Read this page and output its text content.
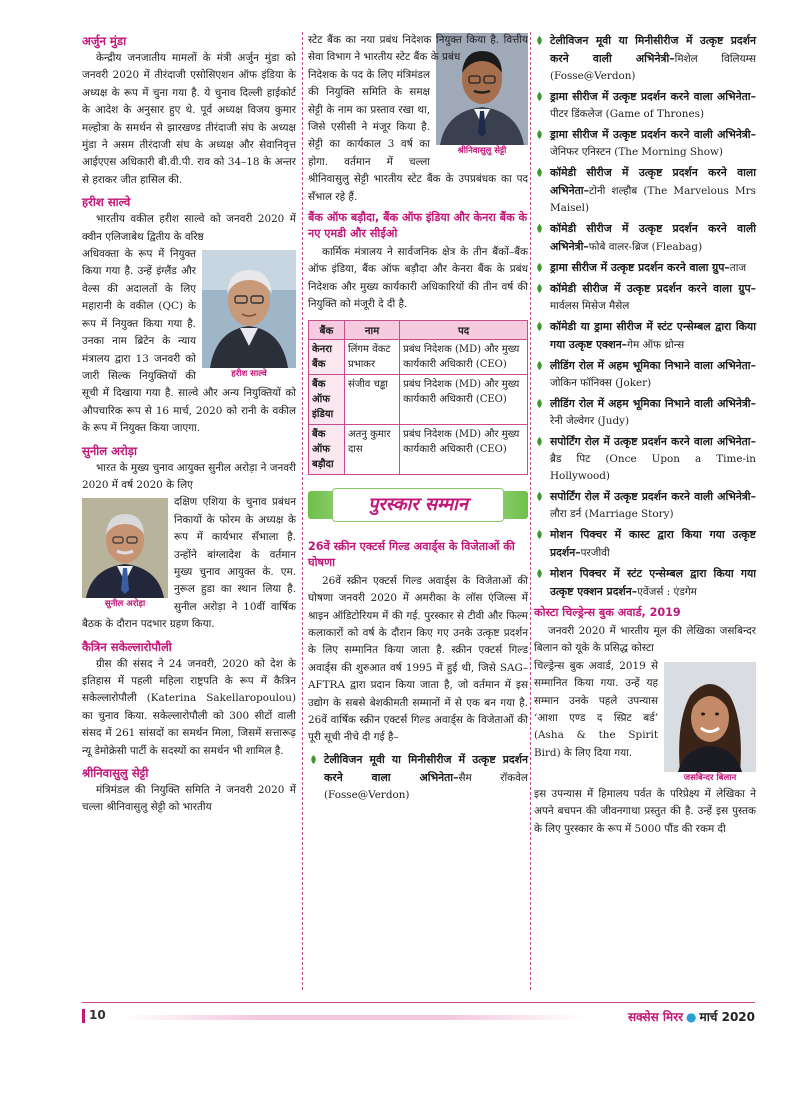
अर्जुन मुंडा

केन्द्रीय जनजातीय मामलों के मंत्री अर्जुन मुंडा को जनवरी 2020 में तीरंदाजी एसोसिएशन ऑफ इंडिया के अध्यक्ष के रूप में चुना गया है. ये चुनाव दिल्ली हाईकोर्ट के आदेश के अनुसार हुए थे. पूर्व अध्यक्ष विजय कुमार मल्होत्रा के समर्थन से झारखण्ड तीरंदाजी संघ के अध्यक्ष मुंडा ने असम तीरंदाजी संघ के अध्यक्ष और सेवानिवृत्त आईएएस अधिकारी बी.वी.पी. राव को 34–18 के अन्तर से हराकर जीत हासिल की.

हरीश साल्वे

भारतीय वकील हरीश साल्वे को जनवरी 2020 में क्वीन एलिजाबेथ द्वितीय के वरिष्ठ

हरीश साल्वे

अधिवक्ता के रूप में नियुक्त किया गया है. उन्हें इंग्लैंड और वेल्स की अदालतों के लिए महारानी के वकील (QC) के रूप में नियुक्त किया गया है. उनका नाम ब्रिटेन के न्याय मंत्रालय द्वारा 13 जनवरी को जारी सिल्क नियुक्तियों की सूची में दिखाया गया है. साल्वे और अन्य नियुक्तियों को औपचारिक रूप से 16 मार्च, 2020 को रानी के वकील के रूप में नियुक्त किया जाएगा.

सुनील अरोड़ा

भारत के मुख्य चुनाव आयुक्त सुनील अरोड़ा ने जनवरी 2020 में वर्ष 2020 के लिए

सुनील अरोड़ा

दक्षिण एशिया के चुनाव प्रबंधन निकायों के फोरम के अध्यक्ष के रूप में कार्यभार सँभाला है. उन्होंने बांग्लादेश के वर्तमान मुख्य चुनाव आयुक्त के. एम. नुरूल हुडा का स्थान लिया है. सुनील अरोड़ा ने 10वीं वार्षिक बैठक के दौरान पदभार ग्रहण किया.

कैत्रिन सकेल्लारोपौली

ग्रीस की संसद ने 24 जनवरी, 2020 को देश के इतिहास में पहली महिला राष्ट्रपति के रूप में कैत्रिन सकेल्लारोपौली (Katerina Sakellaropoulou) का चुनाव किया. सकेल्लारोपौली को 300 सीटों वाली संसद में 261 सांसदों का समर्थन मिला, जिसमें सत्तारूढ़ न्यू डेमोक्रेसी पार्टी के सदस्यों का समर्थन भी शामिल है.

श्रीनिवासुलु सेट्टी

मंत्रिमंडल की नियुक्ति समिति ने जनवरी 2020 में चल्ला श्रीनिवासुलु सेट्टी को भारतीय

स्टेट बैंक का नया प्रबंध निदेशक नियुक्त किया है. वित्तीय सेवा विभाग ने भारतीय स्टेट बैंक के प्रबंध

श्रीनिवासुलु सेट्टी

निदेशक के पद के लिए मंत्रिमंडल की नियुक्ति समिति के समक्ष सेट्टी के नाम का प्रस्ताव रखा था, जिसे एसीसी ने मंजूर किया है. सेट्टी का कार्यकाल 3 वर्ष का होगा. वर्तमान में चल्ला श्रीनिवासुलु सेट्टी भारतीय स्टेट बैंक के उपप्रबंधक का पद सँभाल रहे हैं.

बैंक ऑफ बड़ौदा, बैंक ऑफ इंडिया और केनरा बैंक के नए एमडी और सीईओ

कार्मिक मंत्रालय ने सार्वजनिक क्षेत्र के तीन बैंकों–बैंक ऑफ इंडिया, बैंक ऑफ बड़ौदा और केनरा बैंक के प्रबंध निदेशक और मुख्य कार्यकारी अधिकारियों की तीन वर्ष की नियुक्ति को मंजूरी दे दी है.

बैंक	नाम	पद
केनरा बैंक	लिंगम वेंकट प्रभाकर	प्रबंध निदेशक (MD) और मुख्य कार्यकारी अधिकारी (CEO)
बैंक ऑफ इंडिया	संजीव चड्ढा	प्रबंध निदेशक (MD) और मुख्य कार्यकारी अधिकारी (CEO)
बैंक ऑफ बड़ौदा	अतनु कुमार दास	प्रबंध निदेशक (MD) और मुख्य कार्यकारी अधिकारी (CEO)
पुरस्कार सम्मान
26वें स्क्रीन एक्टर्स गिल्ड अवार्ड्स के विजेताओं की घोषणा

26वें स्क्रीन एक्टर्स गिल्ड अवार्ड्स के विजेताओं की घोषणा जनवरी 2020 में अमरीका के लॉस एंजिल्स में श्राइन ऑडिटोरियम में की गई. पुरस्कार से टीवी और फिल्म कलाकारों को वर्ष के दौरान किए गए उनके उत्कृष्ट प्रदर्शन के लिए सम्मानित किया जाता है. स्क्रीन एक्टर्स गिल्ड अवार्ड्स की शुरुआत वर्ष 1995 में हुई थी, जिसे SAG–AFTRA द्वारा प्रदान किया जाता है, जो वर्तमान में इस उद्योग के सबसे बेशकीमती सम्मानों में से एक बन गया है. 26वें वार्षिक स्क्रीन एक्टर्स गिल्ड अवार्ड्स के विजेताओं की पूरी सूची नीचे दी गई है–

टेलीविजन मूवी या मिनीसीरीज में उत्कृष्ट प्रदर्शन करने वाला अभिनेता–सैम रॉकवेल (Fosse@Verdon)
टेलीविजन मूवी या मिनीसीरीज में उत्कृष्ट प्रदर्शन करने वाली अभिनेत्री–मिशेल विलियम्स (Fosse@Verdon)
ड्रामा सीरीज में उत्कृष्ट प्रदर्शन करने वाला अभिनेता–पीटर डिंकलेज (Game of Thrones)
ड्रामा सीरीज में उत्कृष्ट प्रदर्शन करने वाली अभिनेत्री–जेनिफर एनिस्टन (The Morning Show)
कॉमेडी सीरीज में उत्कृष्ट प्रदर्शन करने वाला अभिनेता–टोनी शल्हौब (The Marvelous Mrs Maisel)
कॉमेडी सीरीज में उत्कृष्ट प्रदर्शन करने वाली अभिनेत्री–फोबे वालर-ब्रिज (Fleabag)
ड्रामा सीरीज में उत्कृष्ट प्रदर्शन करने वाला ग्रुप–ताज
कॉमेडी सीरीज में उत्कृष्ट प्रदर्शन करने वाला ग्रुप–मार्वलस मिसेज मैसेल
कॉमेडी या ड्रामा सीरीज में स्टंट एन्सेम्बल द्वारा किया गया उत्कृष्ट एक्शन–गेम ऑफ थ्रोन्स
लीडिंग रोल में अहम भूमिका निभाने वाला अभिनेता–जोकिन फॉनिक्स (Joker)
लीडिंग रोल में अहम भूमिका निभाने वाली अभिनेत्री–रेनी जेल्वेगर (Judy)
सपोर्टिंग रोल में उत्कृष्ट प्रदर्शन करने वाला अभिनेता–ब्रैड पिट (Once Upon a Time-in Hollywood)
सपोर्टिंग रोल में उत्कृष्ट प्रदर्शन करने वाली अभिनेत्री–लौरा डर्न (Marriage Story)
मोशन पिक्चर में कास्ट द्वारा किया गया उत्कृष्ट प्रदर्शन–परजीवी
मोशन पिक्चर में स्टंट एन्सेम्बल द्वारा किया गया उत्कृष्ट एक्शन प्रदर्शन–एवेंजर्स : एंडगेम
कोस्टा चिल्ड्रेन्स बुक अवार्ड, 2019

जनवरी 2020 में भारतीय मूल की लेखिका जसबिन्दर बिलान को यूके के प्रसिद्ध कोस्टा

जसबिन्दर बिलान

चिल्ड्रेन्स बुक अवार्ड, 2019 से सम्मानित किया गया. उन्हें यह सम्मान उनके पहले उपन्यास ‘आशा एण्ड द स्प्रिट बर्ड’ (Asha & the Spirit Bird) के लिए दिया गया.

इस उपन्यास में हिमालय पर्वत के परिप्रेक्ष्य में लेखिका ने अपने बचपन की जीवनगाथा प्रस्तुत की है. उन्हें इस पुस्तक के लिए पुरस्कार के रूप में 5000 पौंड की रकम दी

10	सक्सेस मिरर ● मार्च 2020
